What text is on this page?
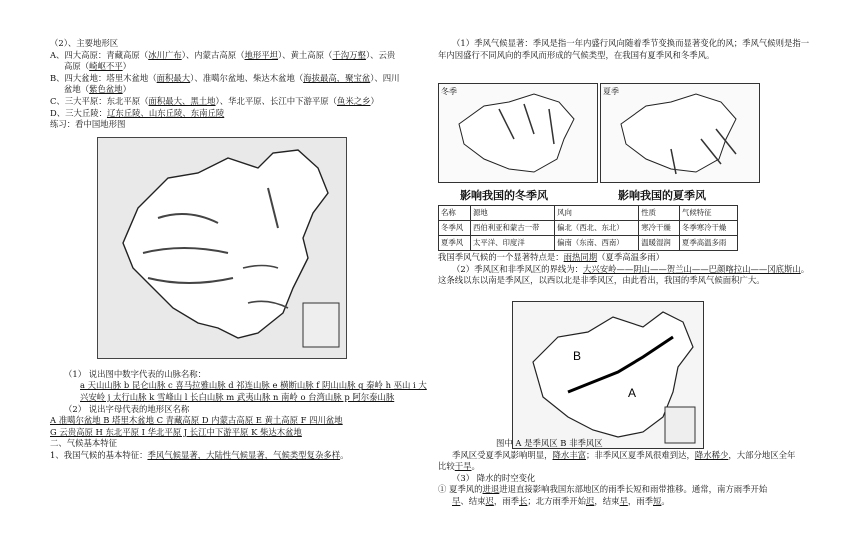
（2）、主要地形区

A、四大高原：青藏高原（冰川广布）、内蒙古高原（地形平坦）、黄土高原（千沟万壑）、云贵

高原（崎岖不平）

B、四大盆地：塔里木盆地（面积最大）、准噶尔盆地、柴达木盆地（海拔最高，聚宝盆）、四川

盆地（紫色盆地）

C、三大平原：东北平原（面积最大、黑土地）、华北平原、长江中下游平原（鱼米之乡）

D、三大丘陵：辽东丘陵、山东丘陵、东南丘陵

练习：看中国地形图

（1） 说出图中数字代表的山脉名称：

a 天山山脉 b 昆仑山脉 c 喜马拉雅山脉 d 祁连山脉 e 横断山脉 f 阴山山脉 g 秦岭 h 巫山 i 大

兴安岭 j 太行山脉 k 雪峰山 l 长白山脉 m 武夷山脉 n 南岭 o 台湾山脉 p 阿尔泰山脉

（2） 说出字母代表的地形区名称

A 准噶尔盆地 B 塔里木盆地 C 青藏高原 D 内蒙古高原 E 黄土高原 F 四川盆地

G 云贵高原 H 东北平原 I 华北平原 J 长江中下游平原 K 柴达木盆地

二、气候基本特征

1、我国气候的基本特征：季风气候显著，大陆性气候显著，气候类型复杂多样。

（1）季风气候显著：季风是指一年内盛行风向随着季节变换而显著变化的风；季风气候则是指一

年内因盛行不同风向的季风而形成的气候类型，在我国有夏季风和冬季风。

冬季	夏季
影响我国的冬季风	影响我国的夏季风
名称	源地	风向	性质	气候特征
冬季风	西伯利亚和蒙古一带	偏北（西北、东北）	寒冷干燥	冬季寒冷干燥
夏季风	太平洋、印度洋	偏南（东南、西南）	温暖湿润	夏季高温多雨

我国季风气候的一个显著特点是：雨热同期（夏季高温多雨）

（2）季风区和非季风区的界线为：大兴安岭——阴山——贺兰山——巴颜喀拉山——冈底斯山。

这条线以东以南是季风区，以西以北是非季风区，由此看出，我国的季风气候面积广大。

A
B

图中 A 是季风区 B 非季风区

季风区受夏季风影响明显，降水丰富；非季风区夏季风很难到达，降水稀少，大部分地区全年

比较干旱。

（3） 降水的时空变化

① 夏季风的进退进退直接影响我国东部地区的雨季长短和雨带推移。通常，南方雨季开始

早、结束迟，雨季长；北方雨季开始迟，结束早，雨季短。
